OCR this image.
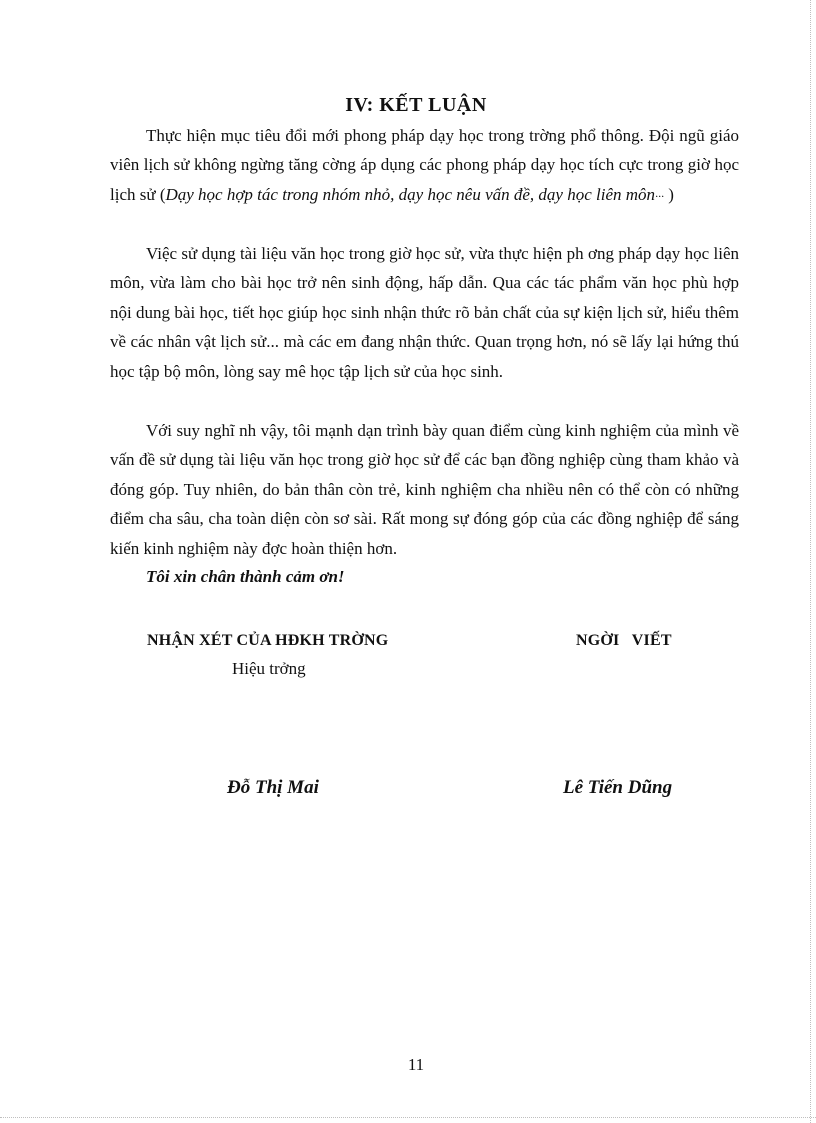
IV: KẾT LUẬN

Thực hiện mục tiêu đổi mới phong pháp dạy học trong trờng phổ thông. Đội ngũ giáo viên lịch sử không ngừng tăng cờng áp dụng các phong pháp dạy học tích cực trong giờ học lịch sử (Dạy học hợp tác trong nhóm nhỏ, dạy học nêu vấn đề, dạy học liên môn··· )

Việc sử dụng tài liệu văn học trong giờ học sử, vừa thực hiện ph ơng pháp dạy học liên môn, vừa làm cho bài học trở nên sinh động, hấp dẫn. Qua các tác phẩm văn học phù hợp nội dung bài học, tiết học giúp học sinh nhận thức rõ bản chất của sự kiện lịch sử, hiểu thêm về các nhân vật lịch sử... mà các em đang nhận thức. Quan trọng hơn, nó sẽ lấy lại hứng thú học tập bộ môn, lòng say mê học tập lịch sử của học sinh.

Với suy nghĩ nh vậy, tôi mạnh dạn trình bày quan điểm cùng kinh nghiệm của mình về vấn đề sử dụng tài liệu văn học trong giờ học sử để các bạn đồng nghiệp cùng tham khảo và đóng góp. Tuy nhiên, do bản thân còn trẻ, kinh nghiệm cha nhiều nên có thể còn có những điểm cha sâu, cha toàn diện còn sơ sài. Rất mong sự đóng góp của các đồng nghiệp để sáng kiến kinh nghiệm này đợc hoàn thiện hơn.

Tôi xin chân thành cảm ơn!
NHẬN XÉT CỦA HĐKH TRỜNG
Hiệu trởng
NGỜI   VIẾT
Đỗ Thị Mai	Lê Tiến Dũng
11
